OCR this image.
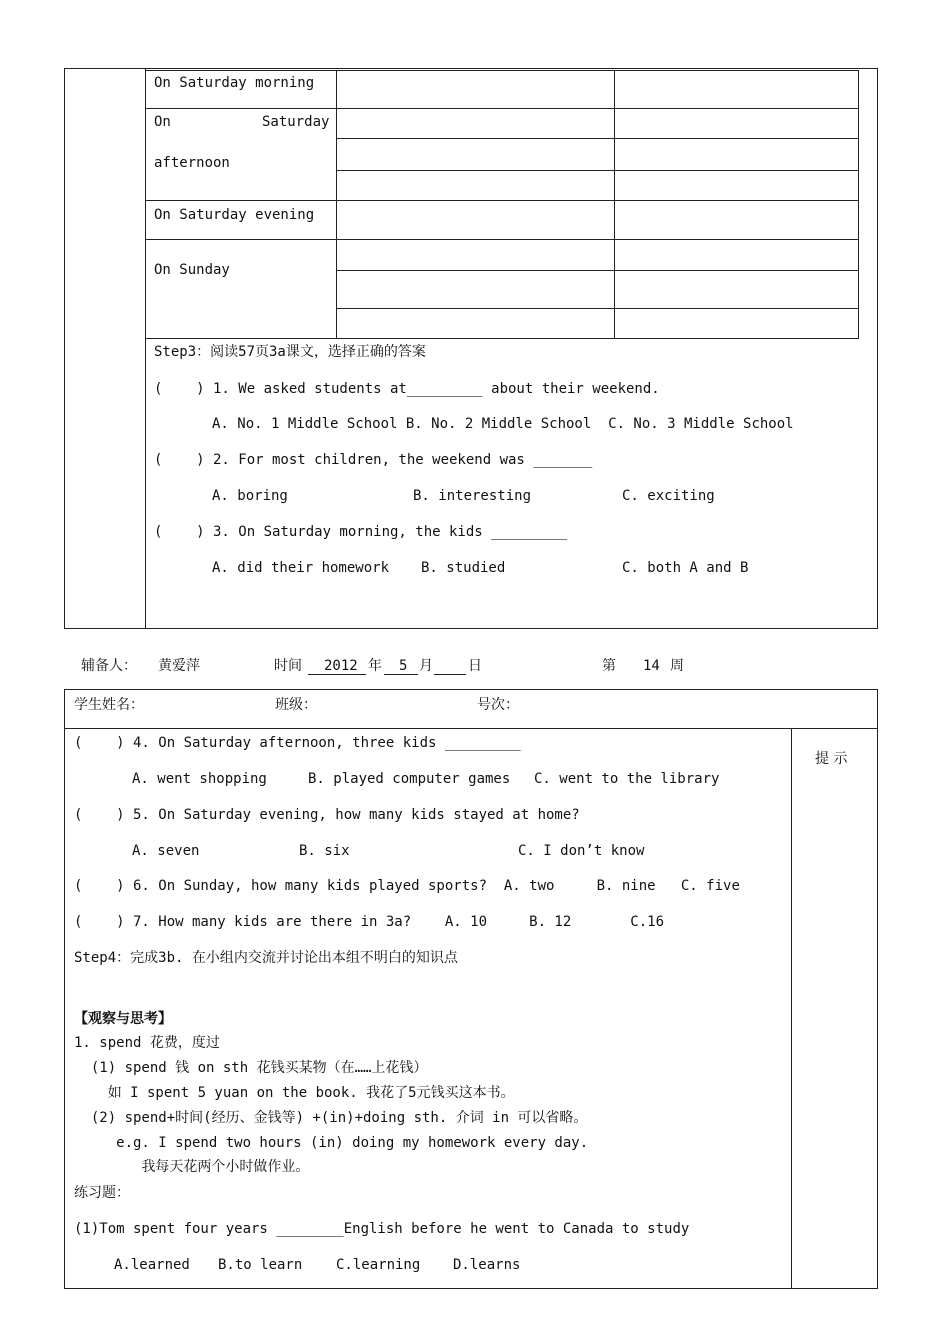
On Saturday morning
On	Saturday
afternoon
On Saturday evening
On Sunday
Step3：阅读57页3a课文，选择正确的答案
(    ) 1. We asked students at_________ about their weekend.
A. No. 1 Middle School B. No. 2 Middle School  C. No. 3 Middle School
(    ) 2. For most children, the weekend was _______
A. boring	B. interesting	C. exciting
(    ) 3. On Saturday morning, the kids _________
A. did their homework B. studied	C. both A and B
辅备人： 黄爱萍	时间 2012 年 5 月	日	第 14 周
学生姓名：	班级：	号次：
提 示
(    ) 4. On Saturday afternoon, three kids _________
A. went shopping	B. played computer games C. went to the library
(    ) 5. On Saturday evening, how many kids stayed at home?
A. seven	B. six	C. I don’t know
(    ) 6. On Sunday, how many kids played sports?  A. two     B. nine   C. five
(    ) 7. How many kids are there in 3a?    A. 10     B. 12       C.16
Step4：完成3b. 在小组内交流并讨论出本组不明白的知识点
【观察与思考】
1. spend 花费，度过
(1) spend 钱 on sth 花钱买某物（在……上花钱）
如 I spent 5 yuan on the book. 我花了5元钱买这本书。
(2) spend+时间(经历、金钱等) +(in)+doing sth. 介词 in 可以省略。
e.g. I spend two hours (in) doing my homework every day.
我每天花两个小时做作业。
练习题：
(1)Tom spent four years ________English before he went to Canada to study
A.learned B.to learn C.learning D.learns
